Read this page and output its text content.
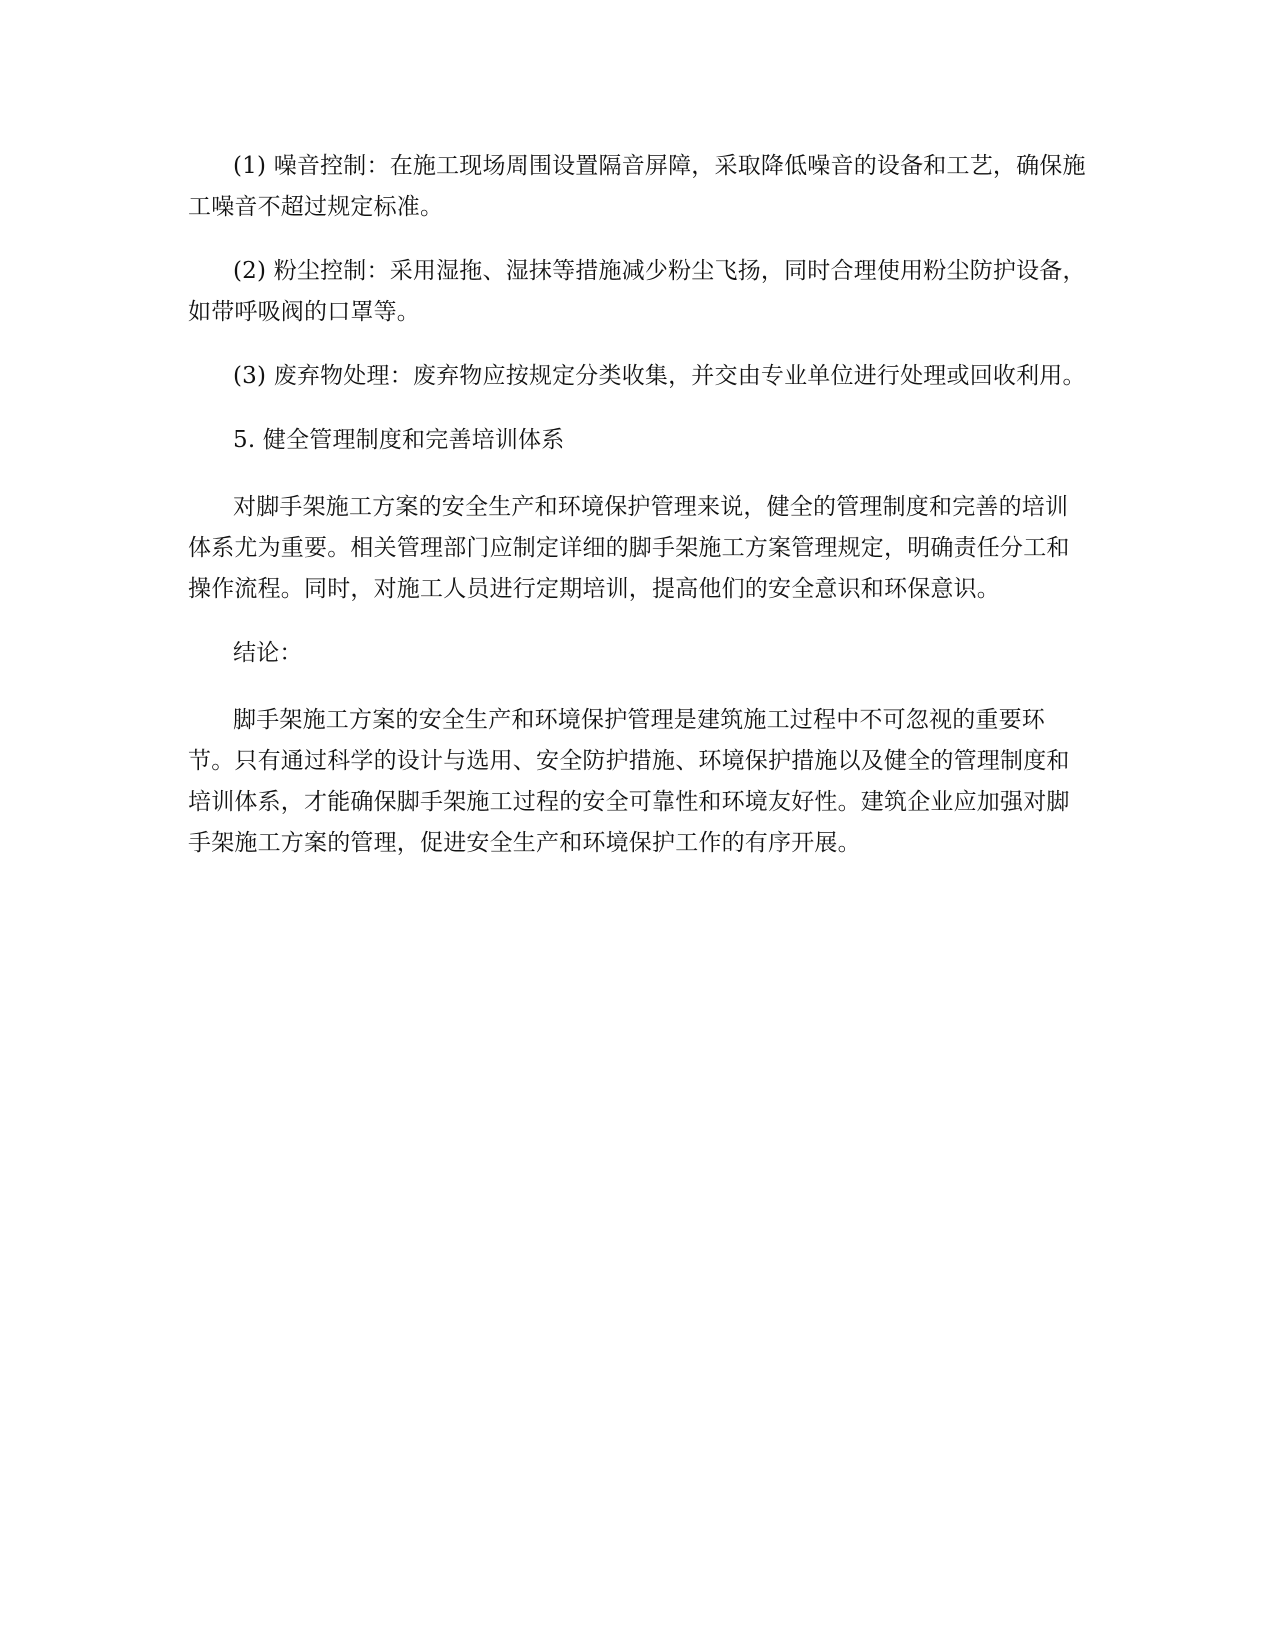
(1) 噪音控制：在施工现场周围设置隔音屏障，采取降低噪音的设备和工艺，确保施工噪音不超过规定标准。

(2) 粉尘控制：采用湿拖、湿抹等措施减少粉尘飞扬，同时合理使用粉尘防护设备，如带呼吸阀的口罩等。

(3) 废弃物处理：废弃物应按规定分类收集，并交由专业单位进行处理或回收利用。

5. 健全管理制度和完善培训体系

对脚手架施工方案的安全生产和环境保护管理来说，健全的管理制度和完善的培训体系尤为重要。相关管理部门应制定详细的脚手架施工方案管理规定，明确责任分工和操作流程。同时，对施工人员进行定期培训，提高他们的安全意识和环保意识。

结论：

脚手架施工方案的安全生产和环境保护管理是建筑施工过程中不可忽视的重要环节。只有通过科学的设计与选用、安全防护措施、环境保护措施以及健全的管理制度和培训体系，才能确保脚手架施工过程的安全可靠性和环境友好性。建筑企业应加强对脚手架施工方案的管理，促进安全生产和环境保护工作的有序开展。
